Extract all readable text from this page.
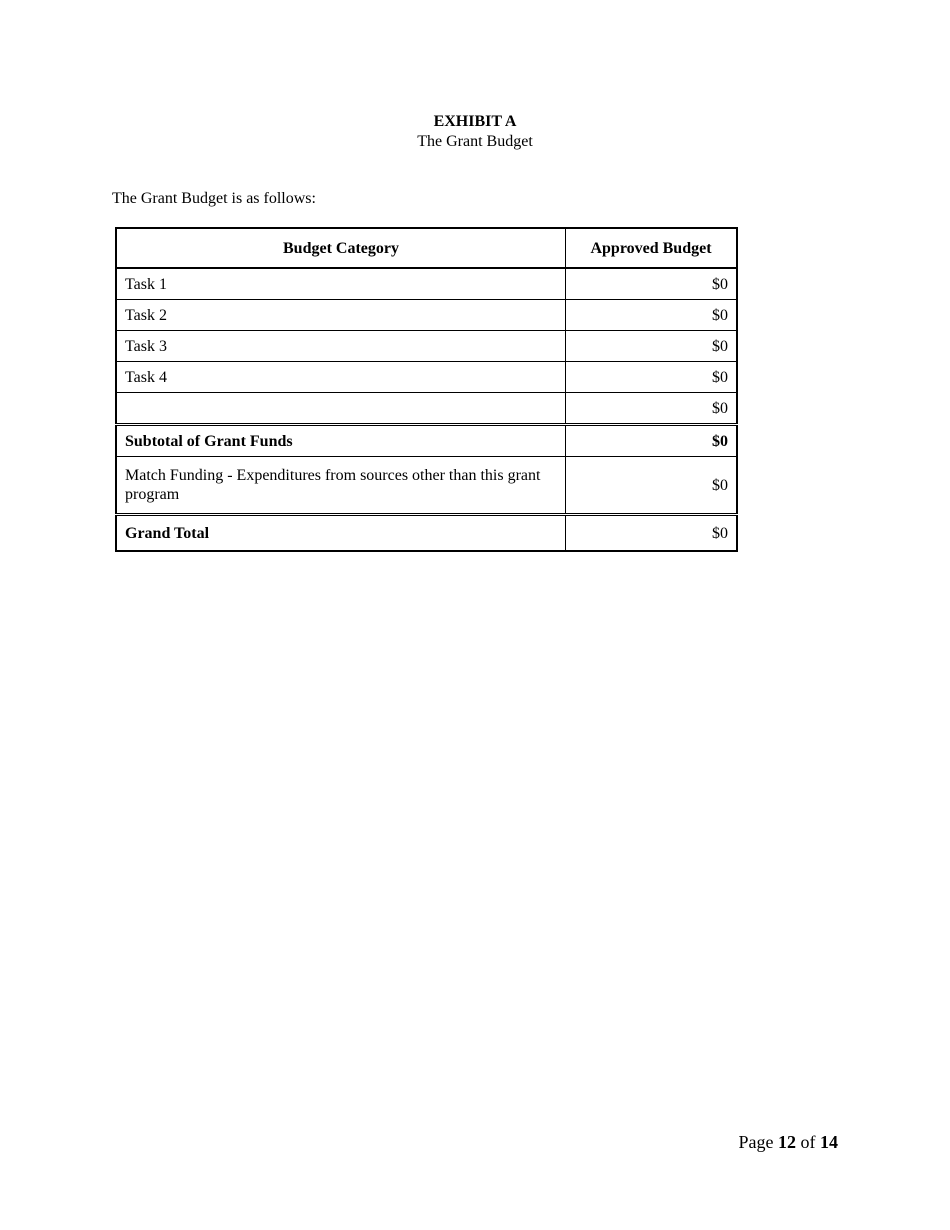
EXHIBIT A
The Grant Budget
The Grant Budget is as follows:
Budget Category	Approved Budget
Task 1	$0
Task 2	$0
Task 3	$0
Task 4	$0
	$0
Subtotal of Grant Funds	$0
Match Funding - Expenditures from sources other than this grant program	$0
Grand Total	$0
Page 12 of 14
